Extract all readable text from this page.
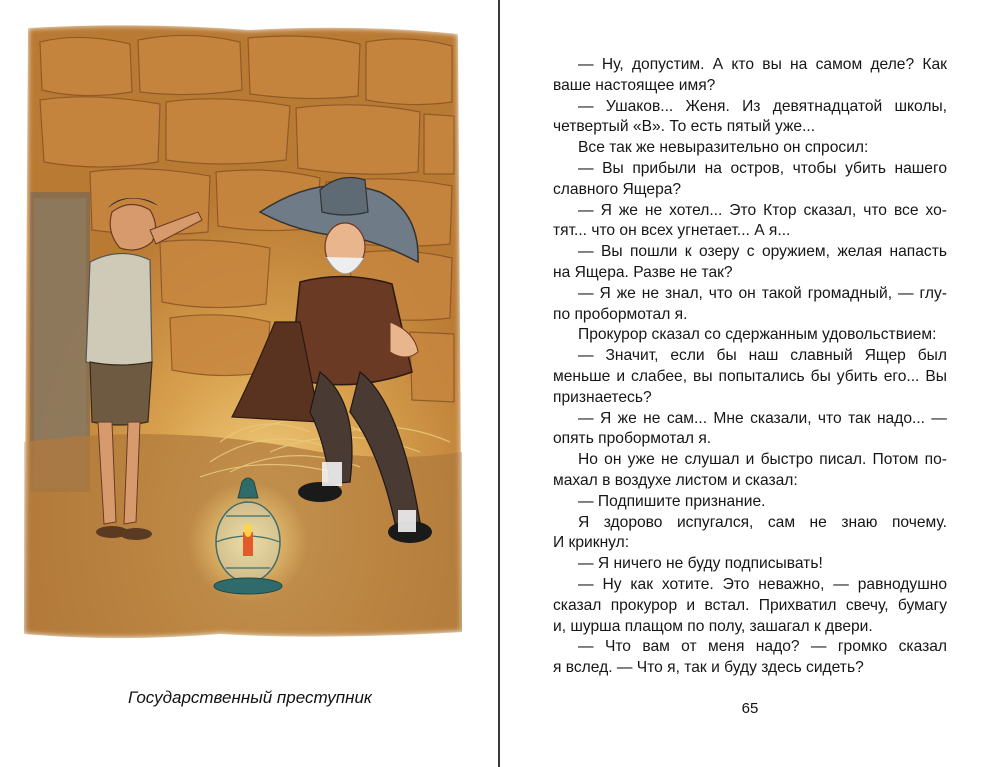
Государственный преступник
— Ну, допустим. А кто вы на самом деле? Как
ваше настоящее имя?
— Ушаков... Женя. Из девятнадцатой школы,
четвертый «В». То есть пятый уже...
Все так же невыразительно он спросил:
— Вы прибыли на остров, чтобы убить нашего
славного Ящера?
— Я же не хотел... Это Ктор сказал, что все хо-
тят... что он всех угнетает... А я...
— Вы пошли к озеру с оружием, желая напасть
на Ящера. Разве не так?
— Я же не знал, что он такой громадный, — глу-
по пробормотал я.
Прокурор сказал со сдержанным удовольствием:
— Значит, если бы наш славный Ящер был
меньше и слабее, вы попытались бы убить его... Вы
признаетесь?
— Я же не сам... Мне сказали, что так надо... —
опять пробормотал я.
Но он уже не слушал и быстро писал. Потом по-
махал в воздухе листом и сказал:
— Подпишите признание.
Я здорово испугался, сам не знаю почему.
И крикнул:
— Я ничего не буду подписывать!
— Ну как хотите. Это неважно, — равнодушно
сказал прокурор и встал. Прихватил свечу, бумагу
и, шурша плащом по полу, зашагал к двери.
— Что вам от меня надо? — громко сказал
я вслед. — Что я, так и буду здесь сидеть?
65
